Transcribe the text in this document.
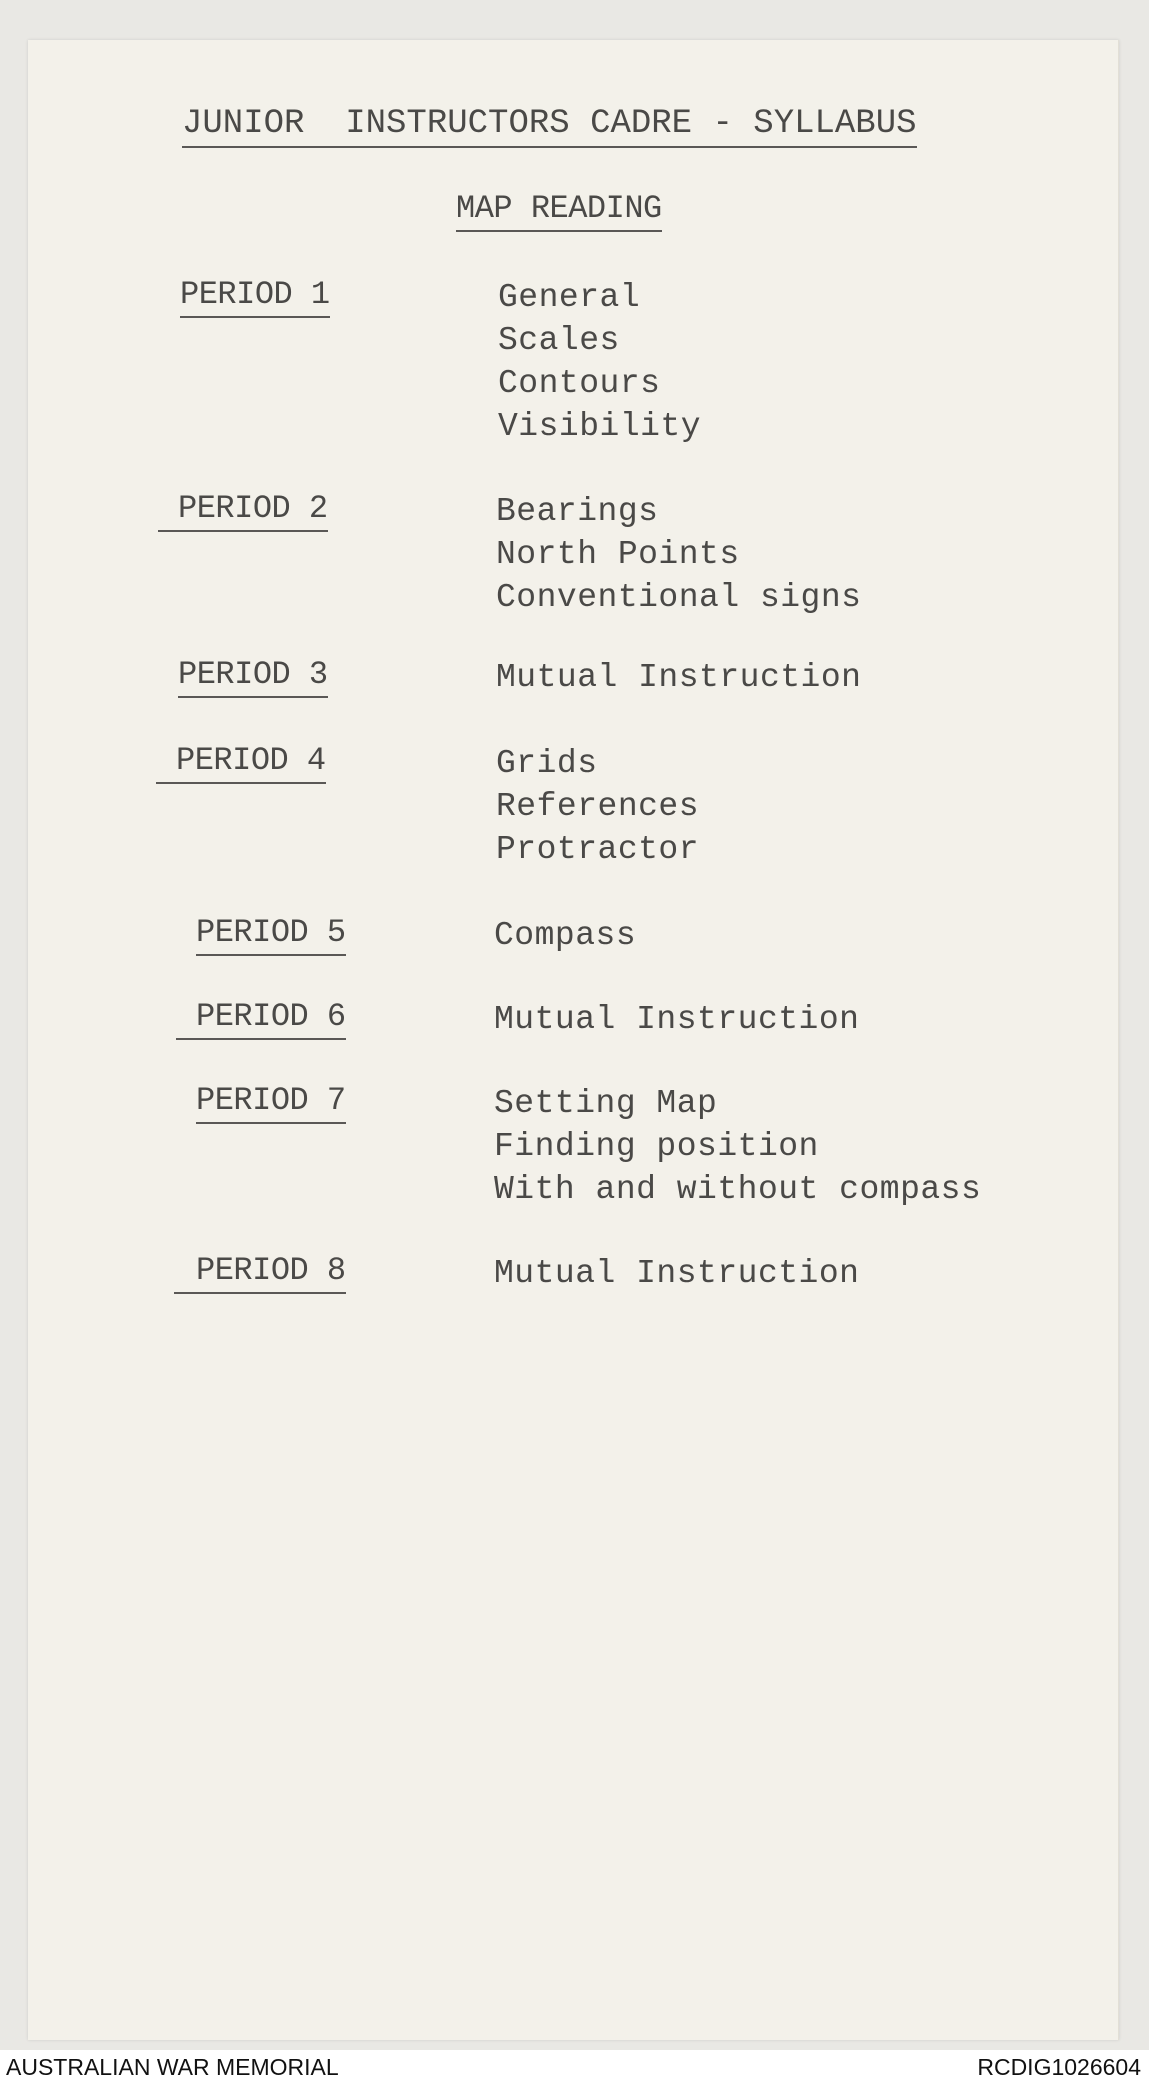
JUNIOR  INSTRUCTORS CADRE - SYLLABUS
MAP READING
PERIOD 1	General
Scales
Contours
Visibility
PERIOD 2	Bearings
North Points
Conventional signs
PERIOD 3	Mutual Instruction
PERIOD 4	Grids
References
Protractor
PERIOD 5	Compass
PERIOD 6	Mutual Instruction
PERIOD 7	Setting Map
Finding position
With and without compass
PERIOD 8	Mutual Instruction
AUSTRALIAN WAR MEMORIAL	RCDIG1026604
